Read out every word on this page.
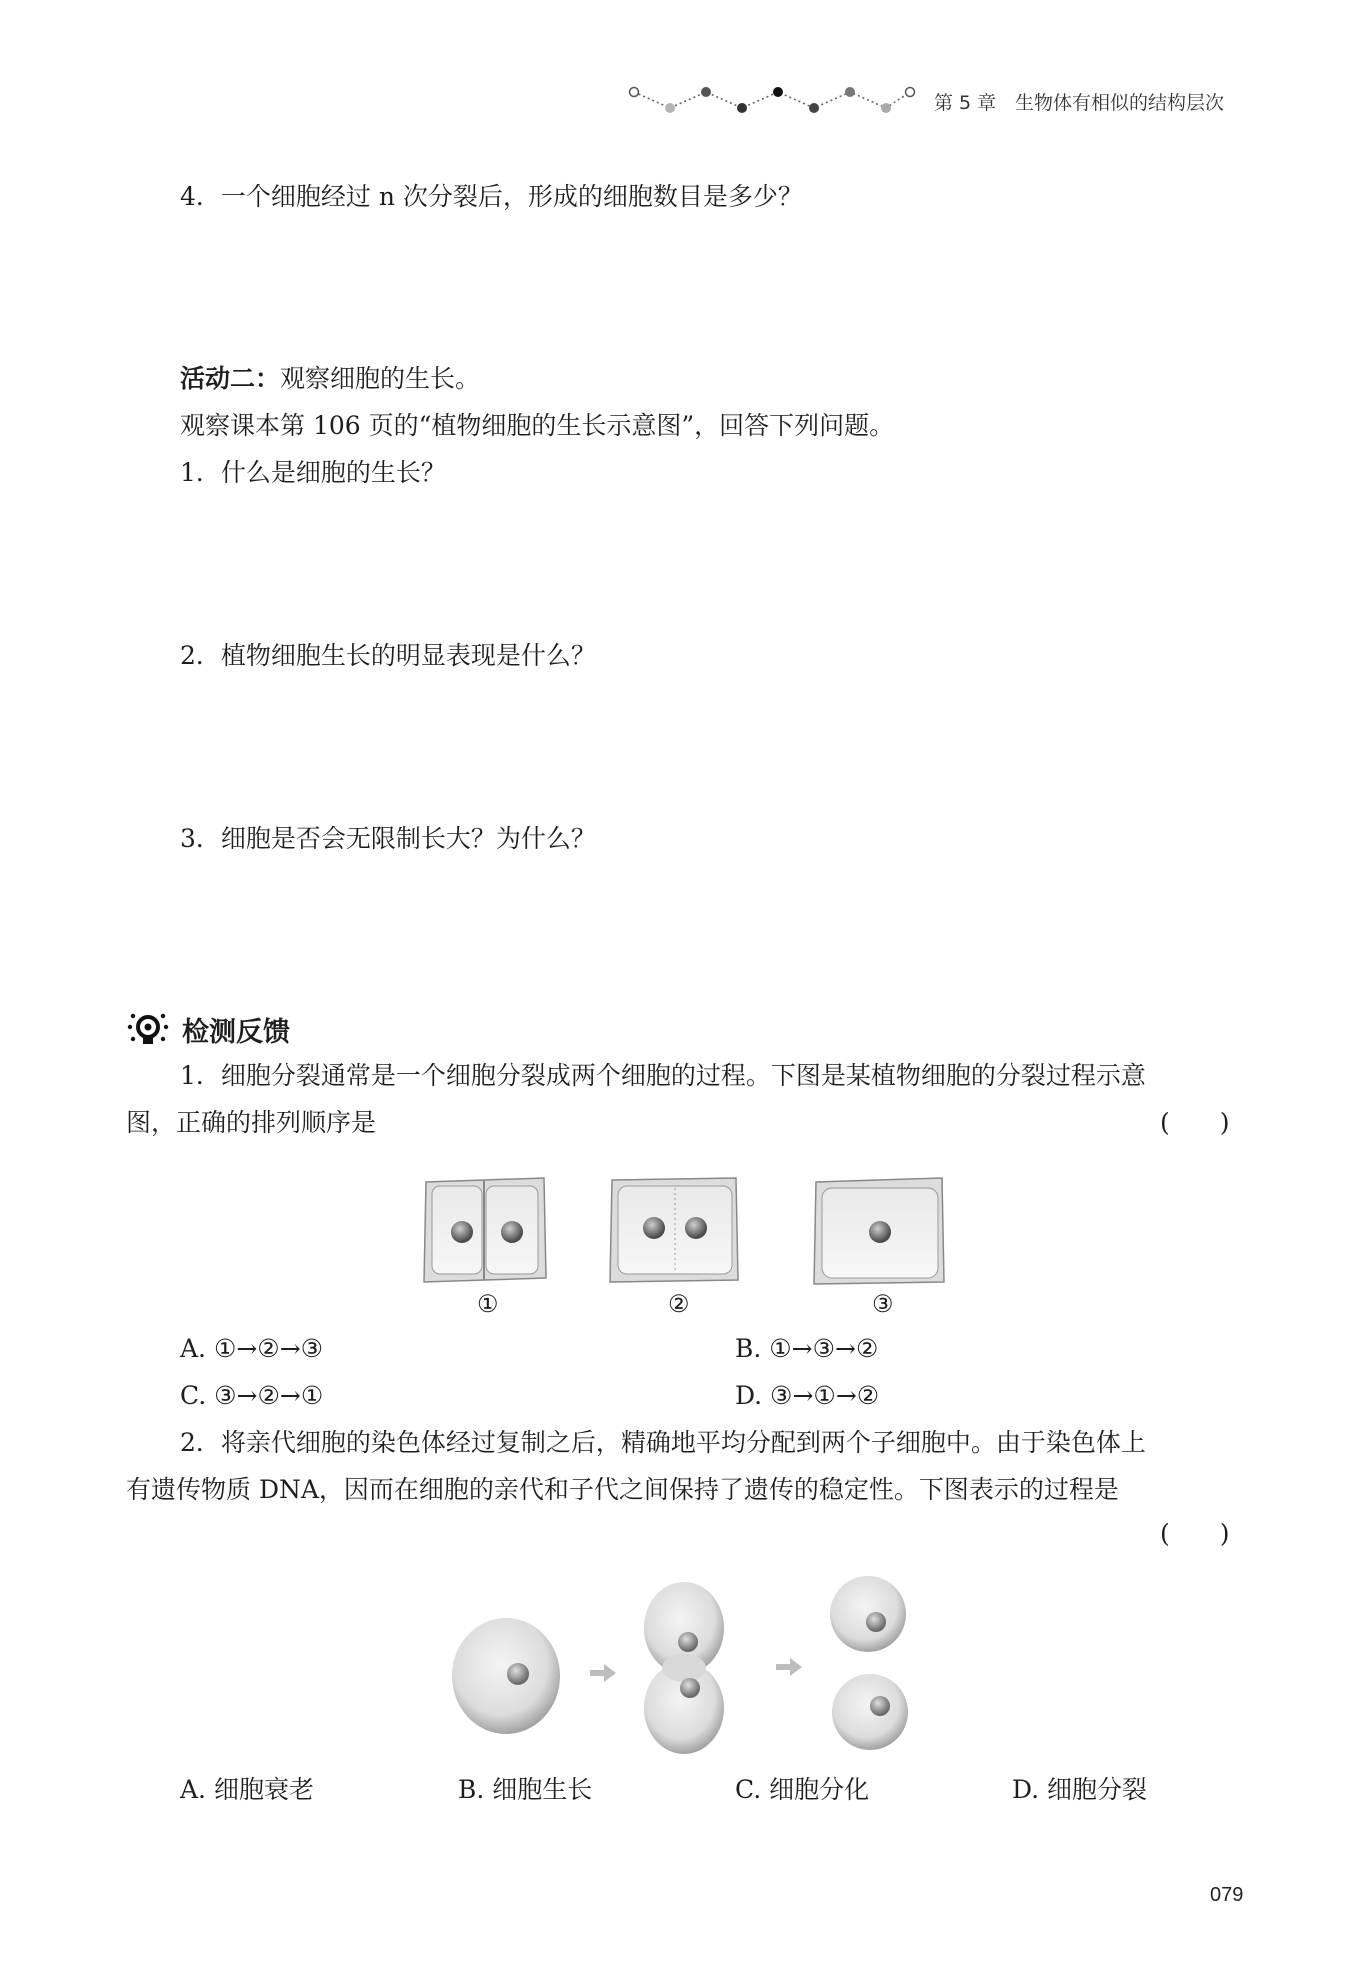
第 5 章 生物体有相似的结构层次
4．一个细胞经过 n 次分裂后，形成的细胞数目是多少？
活动二：观察细胞的生长。
观察课本第 106 页的“植物细胞的生长示意图”，回答下列问题。
1．什么是细胞的生长？
2．植物细胞生长的明显表现是什么？
3．细胞是否会无限制长大？为什么？
检测反馈
1．细胞分裂通常是一个细胞分裂成两个细胞的过程。下图是某植物细胞的分裂过程示意
图，正确的排列顺序是	(　　)
①	②	③
A. ①→②→③	B. ①→③→②
C. ③→②→①	D. ③→①→②
2．将亲代细胞的染色体经过复制之后，精确地平均分配到两个子细胞中。由于染色体上
有遗传物质 DNA，因而在细胞的亲代和子代之间保持了遗传的稳定性。下图表示的过程是
(　　)
A. 细胞衰老	B. 细胞生长	C. 细胞分化	D. 细胞分裂
079
